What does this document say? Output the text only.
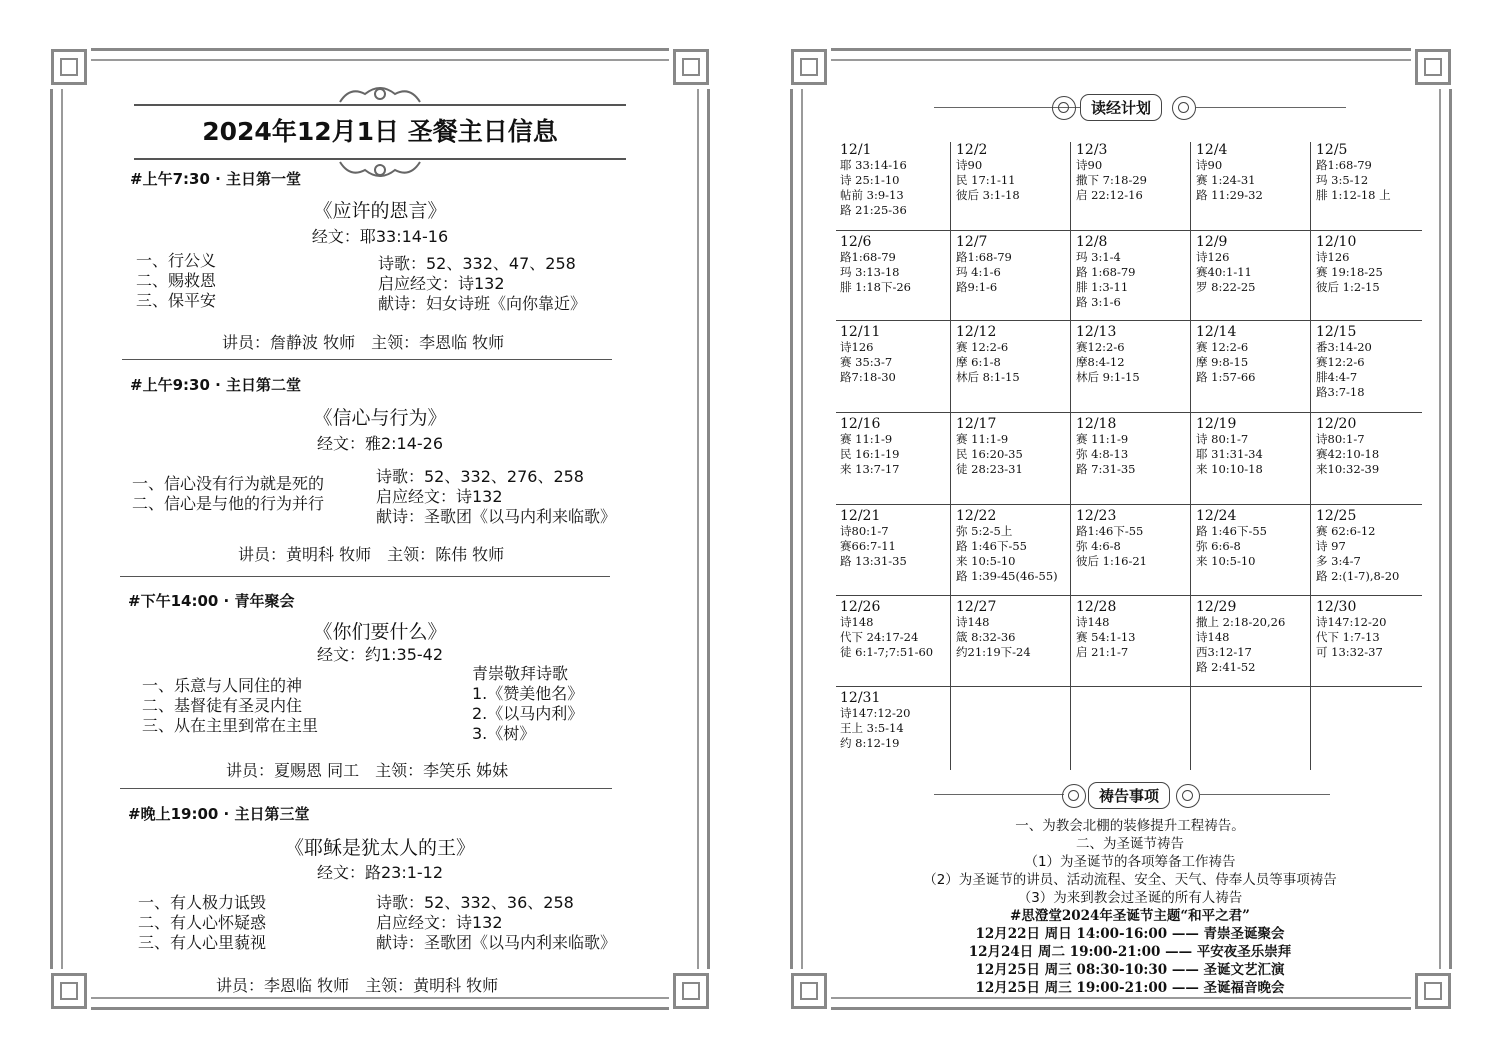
2024年12月1日 圣餐主日信息
#上午7:30 · 主日第一堂
《应许的恩言》
经文：耶33:14-16
一、行公义
二、赐救恩
三、保平安
诗歌：52、332、47、258
启应经文：诗132
献诗：妇女诗班《向你靠近》
讲员：詹静波 牧师　主领：李恩临 牧师
#上午9:30 · 主日第二堂
《信心与行为》
经文：雅2:14-26
一、信心没有行为就是死的
二、信心是与他的行为并行
诗歌：52、332、276、258
启应经文：诗132
献诗：圣歌团《以马内利来临歌》
讲员：黄明科 牧师　主领：陈伟 牧师
#下午14:00 · 青年聚会
《你们要什么》
经文：约1:35-42
一、乐意与人同住的神
二、基督徒有圣灵内住
三、从在主里到常在主里
青崇敬拜诗歌
1.《赞美他名》
2.《以马内利》
3.《树》
讲员：夏赐恩 同工　主领：李笑乐 姊妹
#晚上19:00 · 主日第三堂
《耶稣是犹太人的王》
经文：路23:1-12
一、有人极力诋毁
二、有人心怀疑惑
三、有人心里藐视
诗歌：52、332、36、258
启应经文：诗132
献诗：圣歌团《以马内利来临歌》
讲员：李恩临 牧师　主领：黄明科 牧师
读经计划
12/1
耶 33:14-16
诗 25:1-10
帖前 3:9-13
路 21:25-36
12/2
诗90
民 17:1-11
彼后 3:1-18
12/3
诗90
撒下 7:18-29
启 22:12-16
12/4
诗90
赛 1:24-31
路 11:29-32
12/5
路1:68-79
玛 3:5-12
腓 1:12-18 上
12/6
路1:68-79
玛 3:13-18
腓 1:18下-26
12/7
路1:68-79
玛 4:1-6
路9:1-6
12/8
玛 3:1-4
路 1:68-79
腓 1:3-11
路 3:1-6
12/9
诗126
赛40:1-11
罗 8:22-25
12/10
诗126
赛 19:18-25
彼后 1:2-15
12/11
诗126
赛 35:3-7
路7:18-30
12/12
赛 12:2-6
摩 6:1-8
林后 8:1-15
12/13
赛12:2-6
摩8:4-12
林后 9:1-15
12/14
赛 12:2-6
摩 9:8-15
路 1:57-66
12/15
番3:14-20
赛12:2-6
腓4:4-7
路3:7-18
12/16
赛 11:1-9
民 16:1-19
来 13:7-17
12/17
赛 11:1-9
民 16:20-35
徒 28:23-31
12/18
赛 11:1-9
弥 4:8-13
路 7:31-35
12/19
诗 80:1-7
耶 31:31-34
来 10:10-18
12/20
诗80:1-7
赛42:10-18
来10:32-39
12/21
诗80:1-7
赛66:7-11
路 13:31-35
12/22
弥 5:2-5上
路 1:46下-55
来 10:5-10
路 1:39-45(46-55)
12/23
路1:46下-55
弥 4:6-8
彼后 1:16-21
12/24
路 1:46下-55
弥 6:6-8
来 10:5-10
12/25
赛 62:6-12
诗 97
多 3:4-7
路 2:(1-7),8-20
12/26
诗148
代下 24:17-24
徒 6:1-7;7:51-60
12/27
诗148
箴 8:32-36
约21:19下-24
12/28
诗148
赛 54:1-13
启 21:1-7
12/29
撒上 2:18-20,26
诗148
西3:12-17
路 2:41-52
12/30
诗147:12-20
代下 1:7-13
可 13:32-37
12/31
诗147:12-20
王上 3:5-14
约 8:12-19
祷告事项
一、为教会北棚的装修提升工程祷告。
二、为圣诞节祷告
（1）为圣诞节的各项筹备工作祷告
（2）为圣诞节的讲员、活动流程、安全、天气、侍奉人员等事项祷告
（3）为来到教会过圣诞的所有人祷告
#思澄堂2024年圣诞节主题“和平之君”
12月22日 周日 14:00-16:00 —— 青崇圣诞聚会
12月24日 周二 19:00-21:00 —— 平安夜圣乐崇拜
12月25日 周三 08:30-10:30 —— 圣诞文艺汇演
12月25日 周三 19:00-21:00 —— 圣诞福音晚会
